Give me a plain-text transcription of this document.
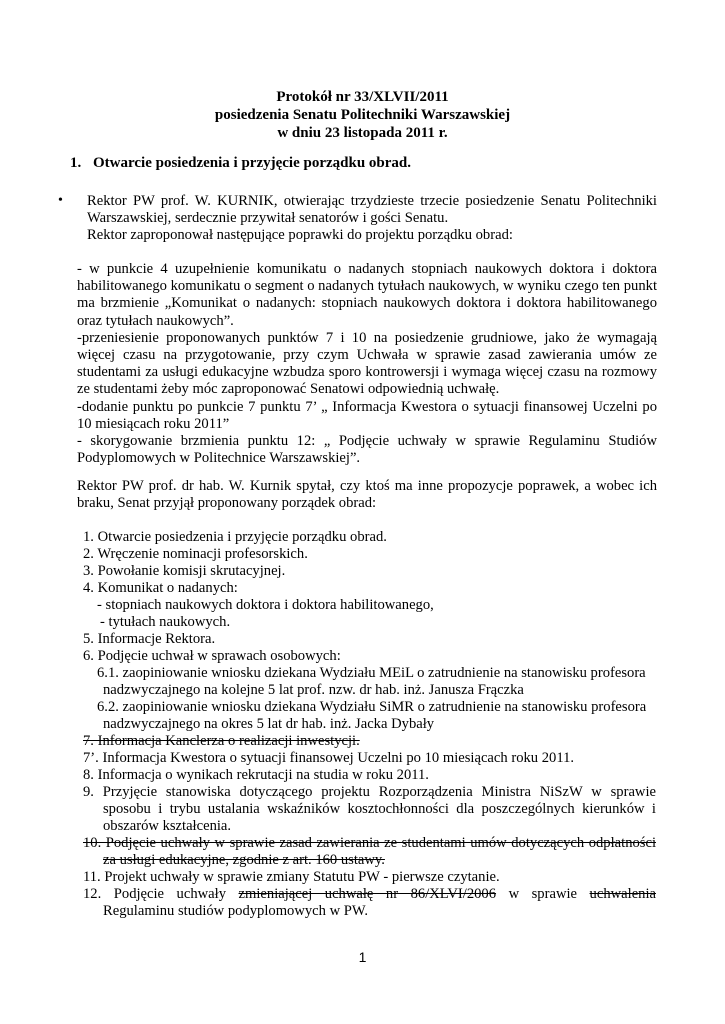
Protokół nr 33/XLVII/2011
posiedzenia Senatu Politechniki Warszawskiej
w dniu 23 listopada 2011 r.
1. Otwarcie posiedzenia i przyjęcie porządku obrad.
• Rektor PW prof. W. KURNIK, otwierając trzydzieste trzecie posiedzenie Senatu Politechniki Warszawskiej, serdecznie przywitał senatorów i gości Senatu.

Rektor zaproponował następujące poprawki do projektu porządku obrad:

- w punkcie 4 uzupełnienie komunikatu o nadanych stopniach naukowych doktora i doktora habilitowanego komunikatu o segment o nadanych tytułach naukowych, w wyniku czego ten punkt ma brzmienie „Komunikat o nadanych: stopniach naukowych doktora i doktora habilitowanego oraz tytułach naukowych”.

-przeniesienie proponowanych punktów 7 i 10 na posiedzenie grudniowe, jako że wymagają więcej czasu na przygotowanie, przy czym Uchwała w sprawie zasad zawierania umów ze studentami za usługi edukacyjne wzbudza sporo kontrowersji i wymaga więcej czasu na rozmowy ze studentami żeby móc zaproponować Senatowi odpowiednią uchwałę.

-dodanie punktu po punkcie 7 punktu 7’ „ Informacja Kwestora o sytuacji finansowej Uczelni po 10 miesiącach roku 2011”

- skorygowanie brzmienia punktu 12: „ Podjęcie uchwały w sprawie Regulaminu Studiów Podyplomowych w Politechnice Warszawskiej”.

Rektor PW prof. dr hab. W. Kurnik spytał, czy ktoś ma inne propozycje poprawek, a wobec ich braku, Senat przyjął proponowany porządek obrad:
1. Otwarcie posiedzenia i przyjęcie porządku obrad.
2. Wręczenie nominacji profesorskich.
3. Powołanie komisji skrutacyjnej.
4. Komunikat o nadanych:
- stopniach naukowych doktora i doktora habilitowanego,
- tytułach naukowych.
5. Informacje Rektora.
6. Podjęcie uchwał w sprawach osobowych:
6.1. zaopiniowanie wniosku dziekana Wydziału MEiL o zatrudnienie na stanowisku profesora
nadzwyczajnego na kolejne 5 lat prof. nzw. dr hab. inż. Janusza Frączka
6.2. zaopiniowanie wniosku dziekana Wydziału SiMR o zatrudnienie na stanowisku profesora
nadzwyczajnego na okres 5 lat dr hab. inż. Jacka Dybały
7. Informacja Kanclerza o realizacji inwestycji.
7’. Informacja Kwestora o sytuacji finansowej Uczelni po 10 miesiącach roku 2011.
8. Informacja o wynikach rekrutacji na studia w roku 2011.
9. Przyjęcie stanowiska dotyczącego projektu Rozporządzenia Ministra NiSzW w sprawie
sposobu i trybu ustalania wskaźników kosztochłonności dla poszczególnych kierunków i
obszarów kształcenia.
10. Podjęcie uchwały w sprawie zasad zawierania ze studentami umów dotyczących odpłatności
za usługi edukacyjne, zgodnie z art. 160 ustawy.
11. Projekt uchwały w sprawie zmiany Statutu PW - pierwsze czytanie.
12. Podjęcie uchwały zmieniającej uchwałę nr 86/XLVI/2006 w sprawie uchwalenia
Regulaminu studiów podyplomowych w PW.
1
